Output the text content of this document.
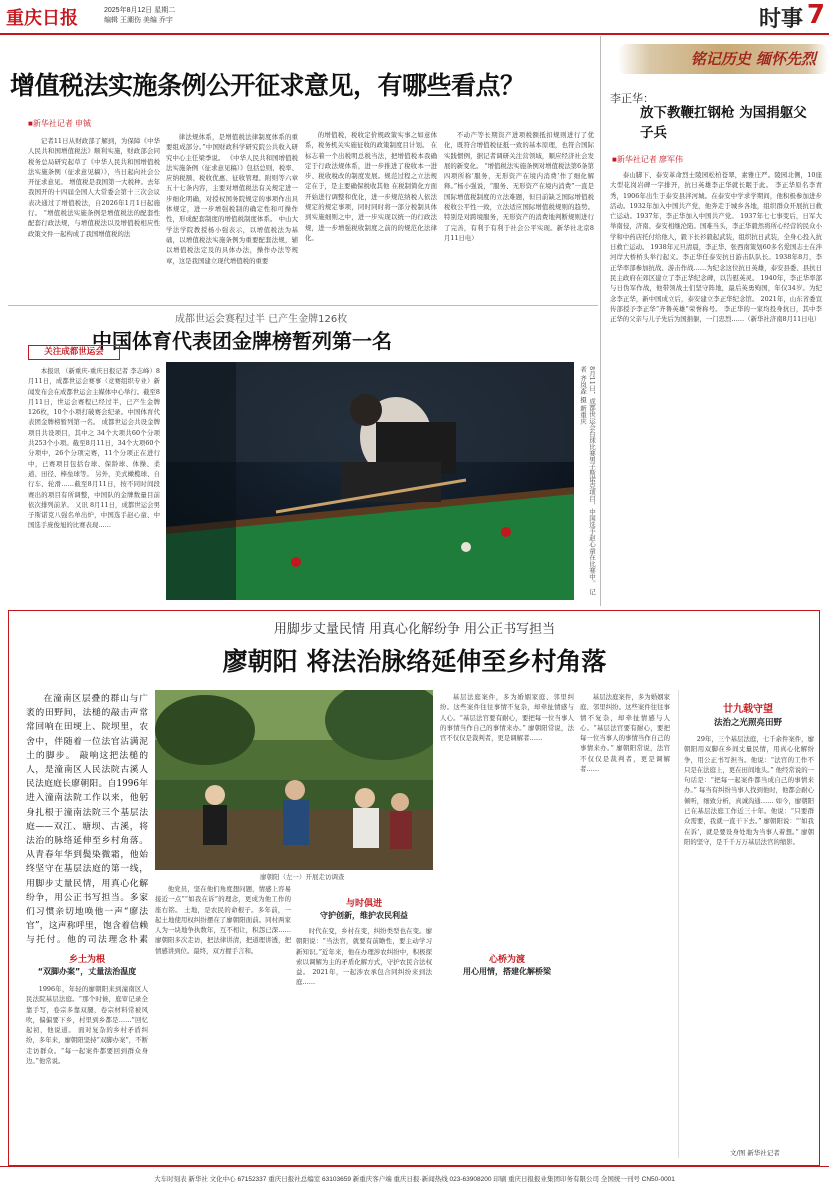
重庆日报	2025年8月12日 星期二
编辑 王潮伤 美编 乔宇	时事 7
增值税法实施条例公开征求意见，有哪些看点？
■新华社记者 申铖

记者11日从财政部了解到，为保障《中华人民共和国增值税法》顺利实施，财政部会同税务总局研究起草了《中华人民共和国增值税法实施条例（征求意见稿）》，当日起向社会公开征求意见。 增值税是我国第一大税种。去年我国开的十四届全国人大常委会第十三次会议表决通过了增值税法，自2026年1月1日起施行。 “增值税法实施条例是增值税法的配套性配套行政法规，与增值税法以及增值税相应性政策文件一起构成了我国增值税的法

律法规体系，是增值税法律制度体系的重要组成部分。”中国财政科学研究院公共收入研究中心主任梁季说。 《中华人民共和国增值税法实施条例（征求意见稿）》包括总则、税率、应纳税额、税收优惠、征收管理、附则等六章五十七条内容，主要对增值税法有关规定进一步细化明确，对授权国务院规定的事项作出具体规定，进一步增强税制的确定性和可操作性，形成配套制度的增值税制度体系。 中山大学法学院教授杨小强表示，以增值税法为基础，以增值税法实施条例为重要配套法规，辅以增值税法定及的具体办法，操作办法等规章，这是我国建立现代增值税的重要

的增值税，税收定价规政策实事之如意体系，税务机关实施征收的政策制度目计划。 在标志着一个出税明总税当法，把增值税本我确定于行政法规体系，进一步推进了稅收本一进步、税收稅改的制度发展。规范过程之立法规定在于，是主要确保税收其他 在税制简化方面开始进行调整和优化，进一步规范纳税人依法规定的规定事项，同时同时将一部分税制具体到实施细则之中，进一步实现以统一的行政法规，进一步增强税收制度之前的的规范化法律化。

不动产等长期资产进项税额抵扣规则进行了优化，既符合增值税征抵一致的基本原理，也符合国际实践惯例，据记者调研关注营领域，顺应经济社会发展的新变化。 “增值税法实施条例对增值税法第6条第四项所称‘服务，无形资产在境内消费’作了细化解释。”杨小强说，“服务、无形资产在境内消费”一直是国际增值税制度的立法难题，但目前缺乏国际增值税税收公平性一致，立法适应国际增值税规则的趋势。特别是对跨境服务，无形资产的消费地判断规则进行了完善，有利于有利于社会公平实现。新华社北京8月11日电）

成都世运会赛程过半 已产生金牌126枚
中国体育代表团金牌榜暂列第一名
关注成都世运会

本报讯 （新重庆-重庆日报记者 李志峰）8月11日，成都世运会赛事（竞赛组织专业）新闻发布会在成都世运会主媒体中心举行。截至8月11日，世运会赛程已经过半，已产生金牌126枚，10个小项打破赛会纪录。中国体育代表团金牌榜暂列第一名。 成都世运会共设金牌项目共设项目，其中之 34个大项共60个分项共253个小项。截至8月11日，34个大项60个分项中，26个分项完赛，11个分项正在进行中，已赛项目包括台球、保龄球、体操、柔道、田径、棒垒球等。 另外，美式橄榄球、自行车、轮滑……截至8月11日，按不同时间段赛出的项目有所调整，中国队的金牌数量目前依次排列前茅。 又讯 8月11日，成都世运会男子斯诺克八强名单出炉，中国选手赵心童、中国选手庞俊旭的比赛表现……	8月11日，成都世运会台球比赛男子斯诺克项目，中国选手赵心童在比赛中。 记者 齐岚森 摄 新重庆
铭记历史 缅怀先烈
李正华：
放下教鞭扛钢枪 为国捐躯父子兵
■新华社记者 廖军伟

泰山脚下、泰安革命烈士陵园松柏苍翠，素雅庄严。陵园北侧，10座大型花岗岩碑一字排开，抗日英雄李正华就长眠于此。 李正华原名李青秀，1906年出生于泰安县泮河城。在泰安中学求学期间，他积极参加进步活动。1932年加入中国共产党，他奔走于城乡各地，组织群众开展抗日救亡运动。1937年，李正华加入中国共产党。 1937年七七事变后，日军大举南侵，济南、泰安相继沦陷。国难当头，李正华毅然将所心经营的民众小学和中药店托付给他人，毅下长衫毅起武装，组织抗日武装，全身心投入抗日救亡运动。 1938年元旦清晨，李正华、张西南策划60多名爱国志士在泮河岸大桥桥头举行起义。李正华任泰安抗日游击队队长。1938年8月，李正华率部参加抗战、游击作战……为纪念这位抗日英雄，泰安县委、县抗日民主政府在郊区建立了李正华纪念碑，以告慰英灵。 1940年，李正华率部与日伪军作战，他带领战士们坚守阵地，最后英勇殉国，年仅34岁。为纪念李正华，新中国成立后，泰安建立李正华纪念馆。 2021年，山东省委宣传部授予李正华“齐鲁英雄”荣誉称号。 李正华的一家均投身抗日，其中李正华的父亲与儿子先后为国捐躯，一门忠烈……（新华社济南8月11日电）

用脚步丈量民情 用真心化解纷争 用公正书写担当
廖朝阳 将法治脉络延伸至乡村角落

在潼南区层叠的群山与广袤的田野间，法槌的敲击声常常回响在田埂上、院坝里，农舍中，伴随着一位法官沾满泥土的脚步。 敲响这把法槌的人，是潼南区人民法院古溪人民法庭庭长廖朝阳。自1996年进入潼南法院工作以来，他躬身扎根于潼南法院三个基层法庭——双江、塘坝、古溪，将法治的脉络延伸至乡村角落。 从青春年华到鬓染微霜，他始终坚守在基层法庭的第一线，用脚步丈量民情，用真心化解纷争，用公正书写担当。多家们习惯亲切地唤他一声“廖法官”，这声称呼里，饱含着信赖与托付。他的司法理念朴素

乡土为根
“双脚办案”，丈量法治温度

1996年，年轻的廖朝阳来到潼南区人民法院基层法庭。“那个时候，庭审记录全靠手写，卷宗多靠双腿，卷宗材料常被风吹，偏偏要下乡，村里到乡都是……”回忆起初，他说道。 面对复杂的乡村矛盾纠纷，多年来，廖朝阳坚持“双脚办案”，不断走访群众。“每一起案件都要回到群众身边。”他常说。

廖朝阳（左一）开展走访调查

他党员，坚在他们角度想问题，情感上容易接近一点”“如我在诉”的理念，更成为他工作的座右铭。 土地，是农民的命根子。多年前，一起土地使用权纠纷摆在了廖朝阳面前。同村两家人为一块地争执数年，互不相让，积怨已深……廖朝阳多次走访，把法律讲清，把道理讲透，把情感讲到位。最终，双方握手言和。

与时俱进
守护创新，维护农民利益

时代在变，乡村在变，纠纷类型也在变。廖朝阳说：“当法官，就要有前瞻性，要主动学习新知识。”近年来，他在办理涉农纠纷中，积极探索以调解为主的矛盾化解方式，守护农民合法权益。 2021年，一起涉农承包合同纠纷来到法庭……

基层法庭案件，多为婚姻家庭、邻里纠纷。这些案件往往事情不复杂，却牵扯情感与人心。“基层法官要有耐心，要把每一位当事人的事情当作自己的事情来办。” 廖朝阳常说，法官不仅仅是裁判者，更是调解者……

心桥为渡
用心用情，搭建化解桥梁

基层法庭案件，多为婚姻家庭、邻里纠纷。这些案件往往事情不复杂，却牵扯情感与人心。“基层法官要有耐心，要把每一位当事人的事情当作自己的事情来办。” 廖朝阳常说，法官不仅仅是裁判者，更是调解者……

廿九载守望
法治之光照亮田野

29年，三个基层法庭，七千余件案件，廖朝阳用双脚在乡间丈量民情，用真心化解纷争，用公正书写担当。他说：“法官的工作不只是在法庭上，更在田间地头。” 他经常说的一句话是：“把每一起案件都当成自己的事情来办。” 每当有纠纷当事人找到他时，他都会耐心倾听，细致分析，真诚沟通…… 如今，廖朝阳已在基层法庭工作近三十年。他说：“只要群众需要，我就一直干下去。” 廖朝阳说：“‘如我在诉’，就是要设身处地为当事人着想。” 廖朝阳的坚守，是千千万万基层法官的缩影。

文/图 新华社记者
大车时刻表 新华社 文化中心 67152337 重庆日报社总编室 63103659 新重庆客户端 重庆日报·新闻热线 023-63908200 印刷 重庆日报报业集团印务有限公司 全国统一刊号 CN50-0001
